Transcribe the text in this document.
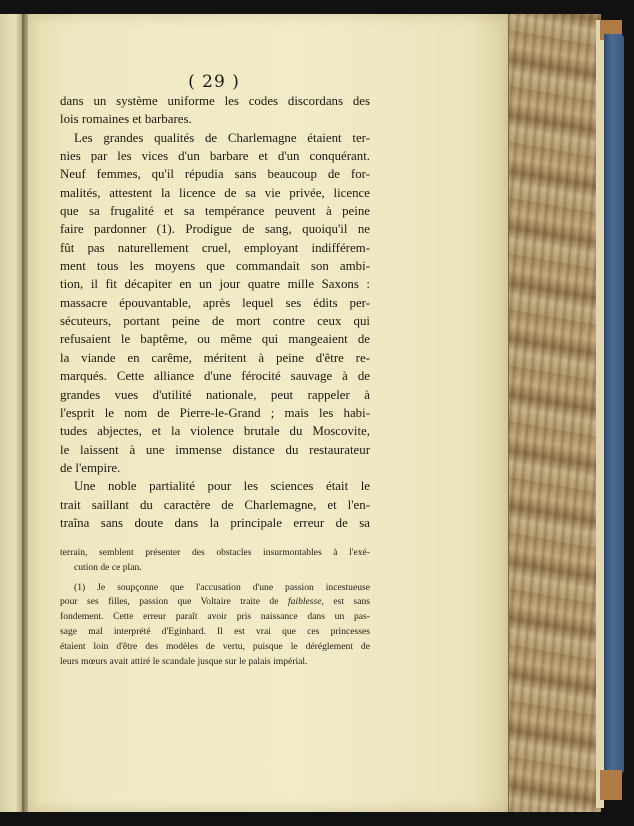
( 29 )
dans un système uniforme les codes discordans des
lois romaines et barbares.
Les grandes qualités de Charlemagne étaient ter-
nies par les vices d'un barbare et d'un conquérant.
Neuf femmes, qu'il répudia sans beaucoup de for-
malités, attestent la licence de sa vie privée, licence
que sa frugalité et sa tempérance peuvent à peine
faire pardonner (1). Prodigue de sang, quoiqu'il ne
fût pas naturellement cruel, employant indifférem-
ment tous les moyens que commandait son ambi-
tion, il fit décapiter en un jour quatre mille Saxons :
massacre épouvantable, après lequel ses édits per-
sécuteurs, portant peine de mort contre ceux qui
refusaient le baptême, ou même qui mangeaient de
la viande en carême, méritent à peine d'être re-
marqués. Cette alliance d'une férocité sauvage à de
grandes vues d'utilité nationale, peut rappeler à
l'esprit le nom de Pierre-le-Grand ; mais les habi-
tudes abjectes, et la violence brutale du Moscovite,
le laissent à une immense distance du restaurateur
de l'empire.
Une noble partialité pour les sciences était le
trait saillant du caractère de Charlemagne, et l'en-
traîna sans doute dans la principale erreur de sa
terrain, semblent présenter des obstacles insurmontables à l'exé-
cution de ce plan.
(1) Je soupçonne que l'accusation d'une passion incestueuse
pour ses filles, passion que Voltaire traite de faiblesse, est sans
fondement. Cette erreur paraît avoir pris naissance dans un pas-
sage mal interprété d'Eginhard. Il est vrai que ces princesses
étaient loin d'être des modèles de vertu, puisque le déréglement de
leurs mœurs avait attiré le scandale jusque sur le palais impérial.
